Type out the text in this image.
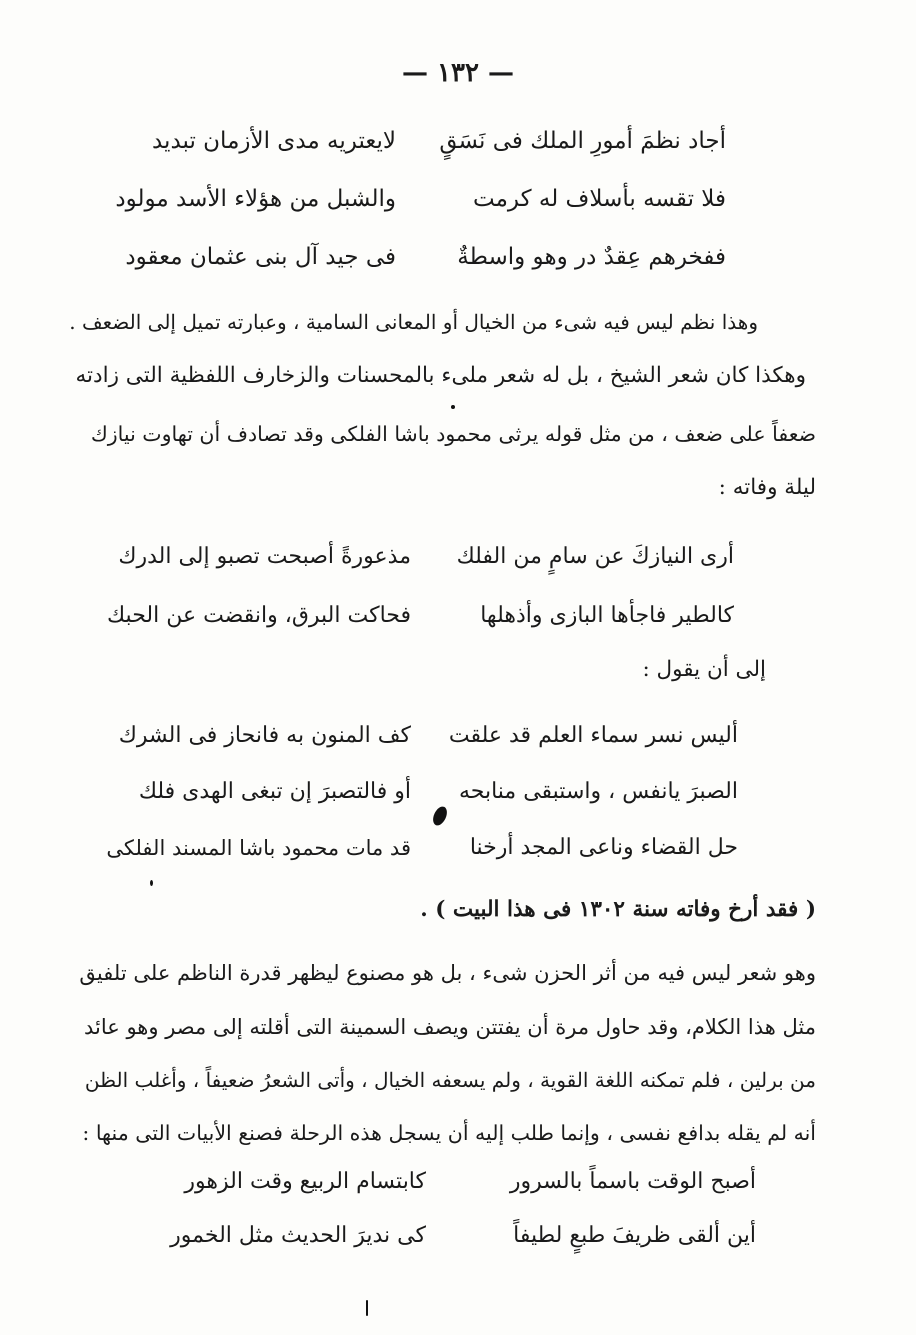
— ١٣٢ —
أجاد نظمَ أمورِ الملك فى نَسَقٍ
لايعتريه مدى الأزمان تبديد
فلا تقسه بأسلاف له كرمت
والشبل من هؤلاء الأسد مولود
ففخرهم عِقدٌ در وهو واسطةٌ
فى جيد آل بنى عثمان معقود
وهذا نظم ليس فيه شىء من الخيال أو المعانى السامية ، وعبارته تميل إلى الضعف .
وهكذا كان شعر الشيخ ، بل له شعر ملىء بالمحسنات والزخارف اللفظية التى زادته
ضعفاً على ضعف ، من مثل قوله يرثى محمود باشا الفلكى وقد تصادف أن تهاوت نيازك
ليلة وفاته :
أرى النيازكَ عن سامٍ من الفلك
مذعورةً أصبحت تصبو إلى الدرك
كالطير فاجأها البازى وأذهلها
فحاكت البرق، وانقضت عن الحبك
إلى أن يقول :
أليس نسر سماء العلم قد علقت
كف المنون به فانحاز فى الشرك
الصبرَ يانفس ، واستبقى منابحه
أو فالتصبرَ إن تبغى الهدى فلك
حل القضاء وناعى المجد أرخنا
قد مات محمود باشا المسند الفلكى
( فقد أرخ وفاته سنة ١٣٠٢ فى هذا البيت ) .
وهو شعر ليس فيه من أثر الحزن شىء ، بل هو مصنوع ليظهر قدرة الناظم على تلفيق
مثل هذا الكلام، وقد حاول مرة أن يفتتن ويصف السمينة التى أقلته إلى مصر وهو عائد
من برلين ، فلم تمكنه اللغة القوية ، ولم يسعفه الخيال ، وأتى الشعرُ ضعيفاً ، وأغلب الظن
أنه لم يقله بدافع نفسى ، وإنما طلب إليه أن يسجل هذه الرحلة فصنع الأبيات التى منها :
أصبح الوقت باسماً بالسرور
كابتسام الربيع وقت الزهور
أين ألقى ظريفَ طبعٍ لطيفاً
كى نديرَ الحديث مثل الخمور
